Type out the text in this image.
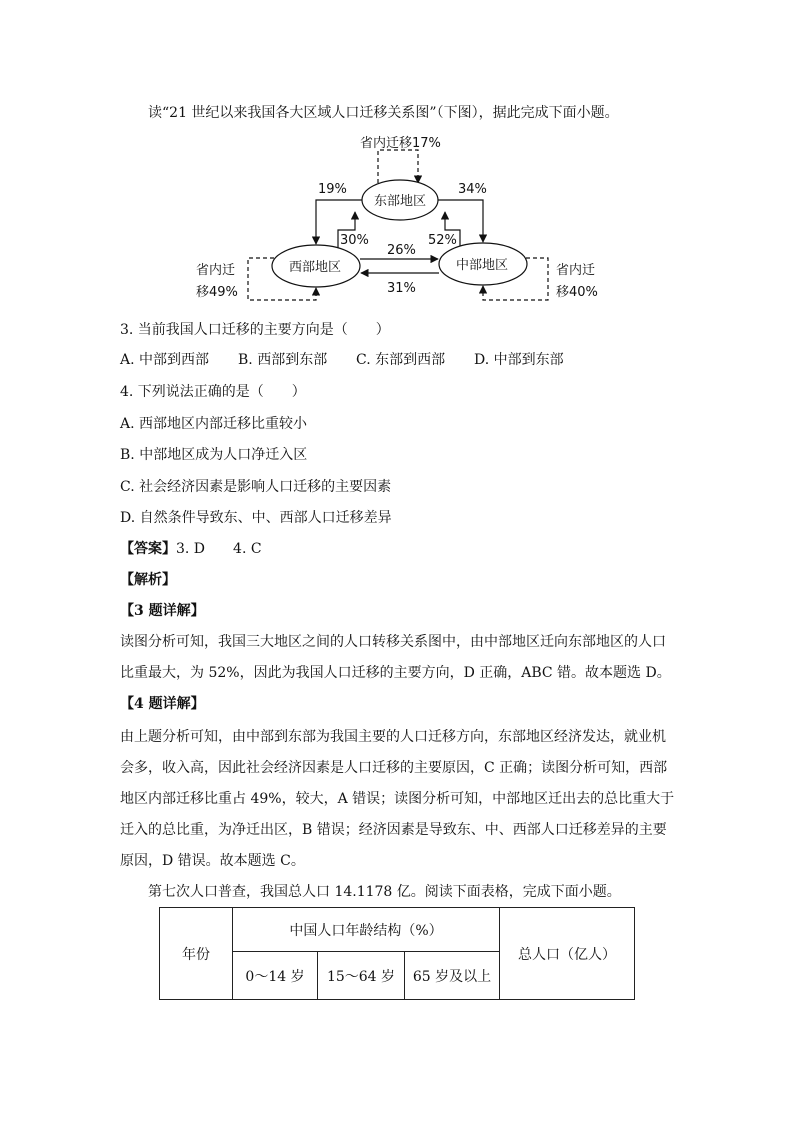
读“21 世纪以来我国各大区域人口迁移关系图”（下图），据此完成下面小题。
省内迁移17%
东部地区
西部地区	中部地区
19%	34%
30%	52%
26%
31%
省内迁
移49%
省内迁
移40%
3. 当前我国人口迁移的主要方向是（　　）
A. 中部到西部 B. 西部到东部 C. 东部到西部 D. 中部到东部
4. 下列说法正确的是（　　）
A. 西部地区内部迁移比重较小
B. 中部地区成为人口净迁入区
C. 社会经济因素是影响人口迁移的主要因素
D. 自然条件导致东、中、西部人口迁移差异
【答案】3. D　　4. C
【解析】
【3 题详解】
读图分析可知，我国三大地区之间的人口转移关系图中，由中部地区迁向东部地区的人口
比重最大，为 52%，因此为我国人口迁移的主要方向，D 正确，ABC 错。故本题选 D。
【4 题详解】
由上题分析可知，由中部到东部为我国主要的人口迁移方向，东部地区经济发达，就业机
会多，收入高，因此社会经济因素是人口迁移的主要原因，C 正确；读图分析可知，西部
地区内部迁移比重占 49%，较大，A 错误；读图分析可知，中部地区迁出去的总比重大于
迁入的总比重，为净迁出区，B 错误；经济因素是导致东、中、西部人口迁移差异的主要
原因，D 错误。故本题选 C。
第七次人口普查，我国总人口 14.1178 亿。阅读下面表格，完成下面小题。
年份	中国人口年龄结构（%）			总人口（亿人）
	0～14 岁	15～64 岁	65 岁及以上	
